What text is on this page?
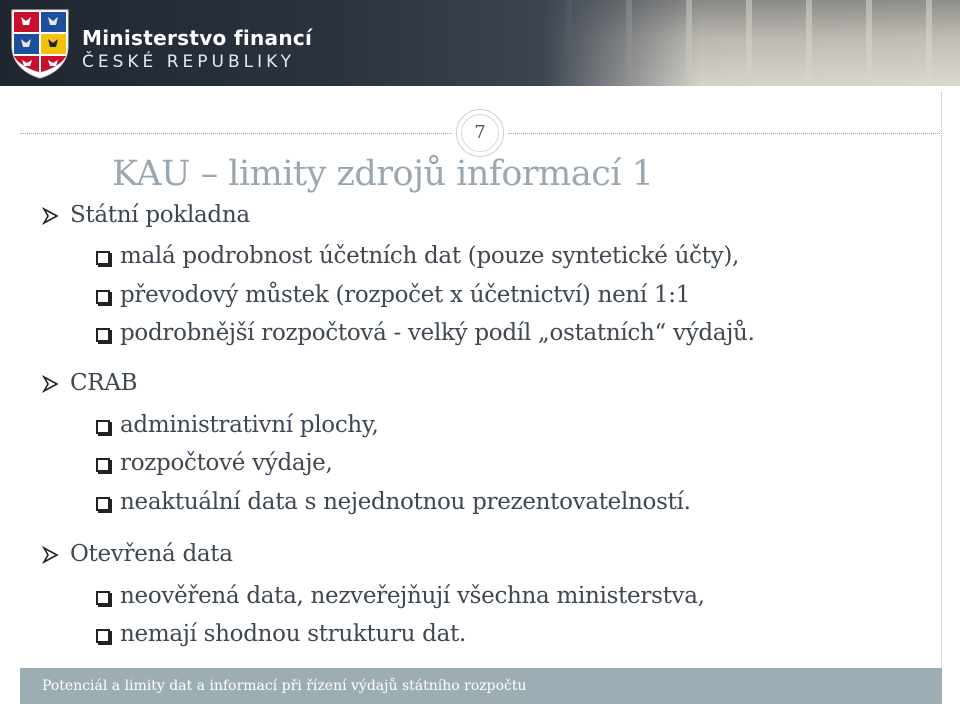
Ministerstvo financí
ČESKÉ REPUBLIKY
7
KAU – limity zdrojů informací 1
Státní pokladna
malá podrobnost účetních dat (pouze syntetické účty),
převodový můstek (rozpočet x účetnictví) není 1:1
podrobnější rozpočtová - velký podíl „ostatních“ výdajů.
CRAB
administrativní plochy,
rozpočtové výdaje,
neaktuální data s nejednotnou prezentovatelností.
Otevřená data
neověřená data, nezveřejňují všechna ministerstva,
nemají shodnou strukturu dat.
Potenciál a limity dat a informací při řízení výdajů státního rozpočtu
